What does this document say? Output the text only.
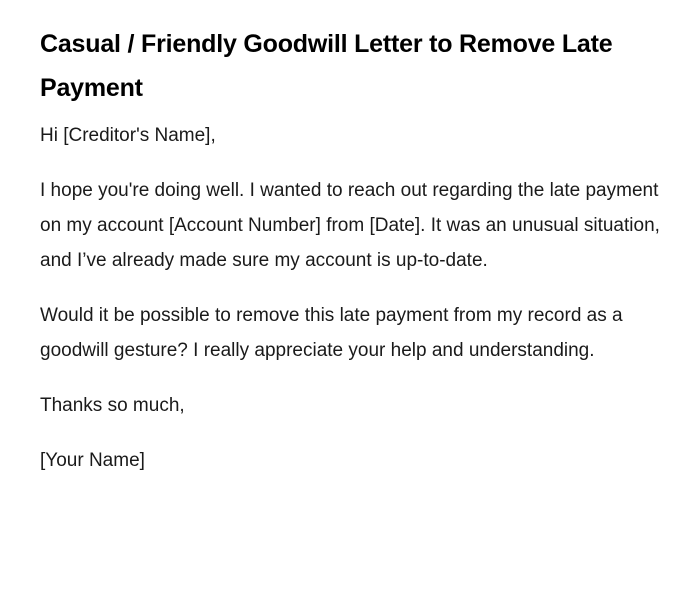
Casual / Friendly Goodwill Letter to Remove Late Payment

Hi [Creditor's Name],

I hope you're doing well. I wanted to reach out regarding the late payment on my account [Account Number] from [Date]. It was an unusual situation, and I’ve already made sure my account is up-to-date.

Would it be possible to remove this late payment from my record as a goodwill gesture? I really appreciate your help and understanding.

Thanks so much,

[Your Name]
